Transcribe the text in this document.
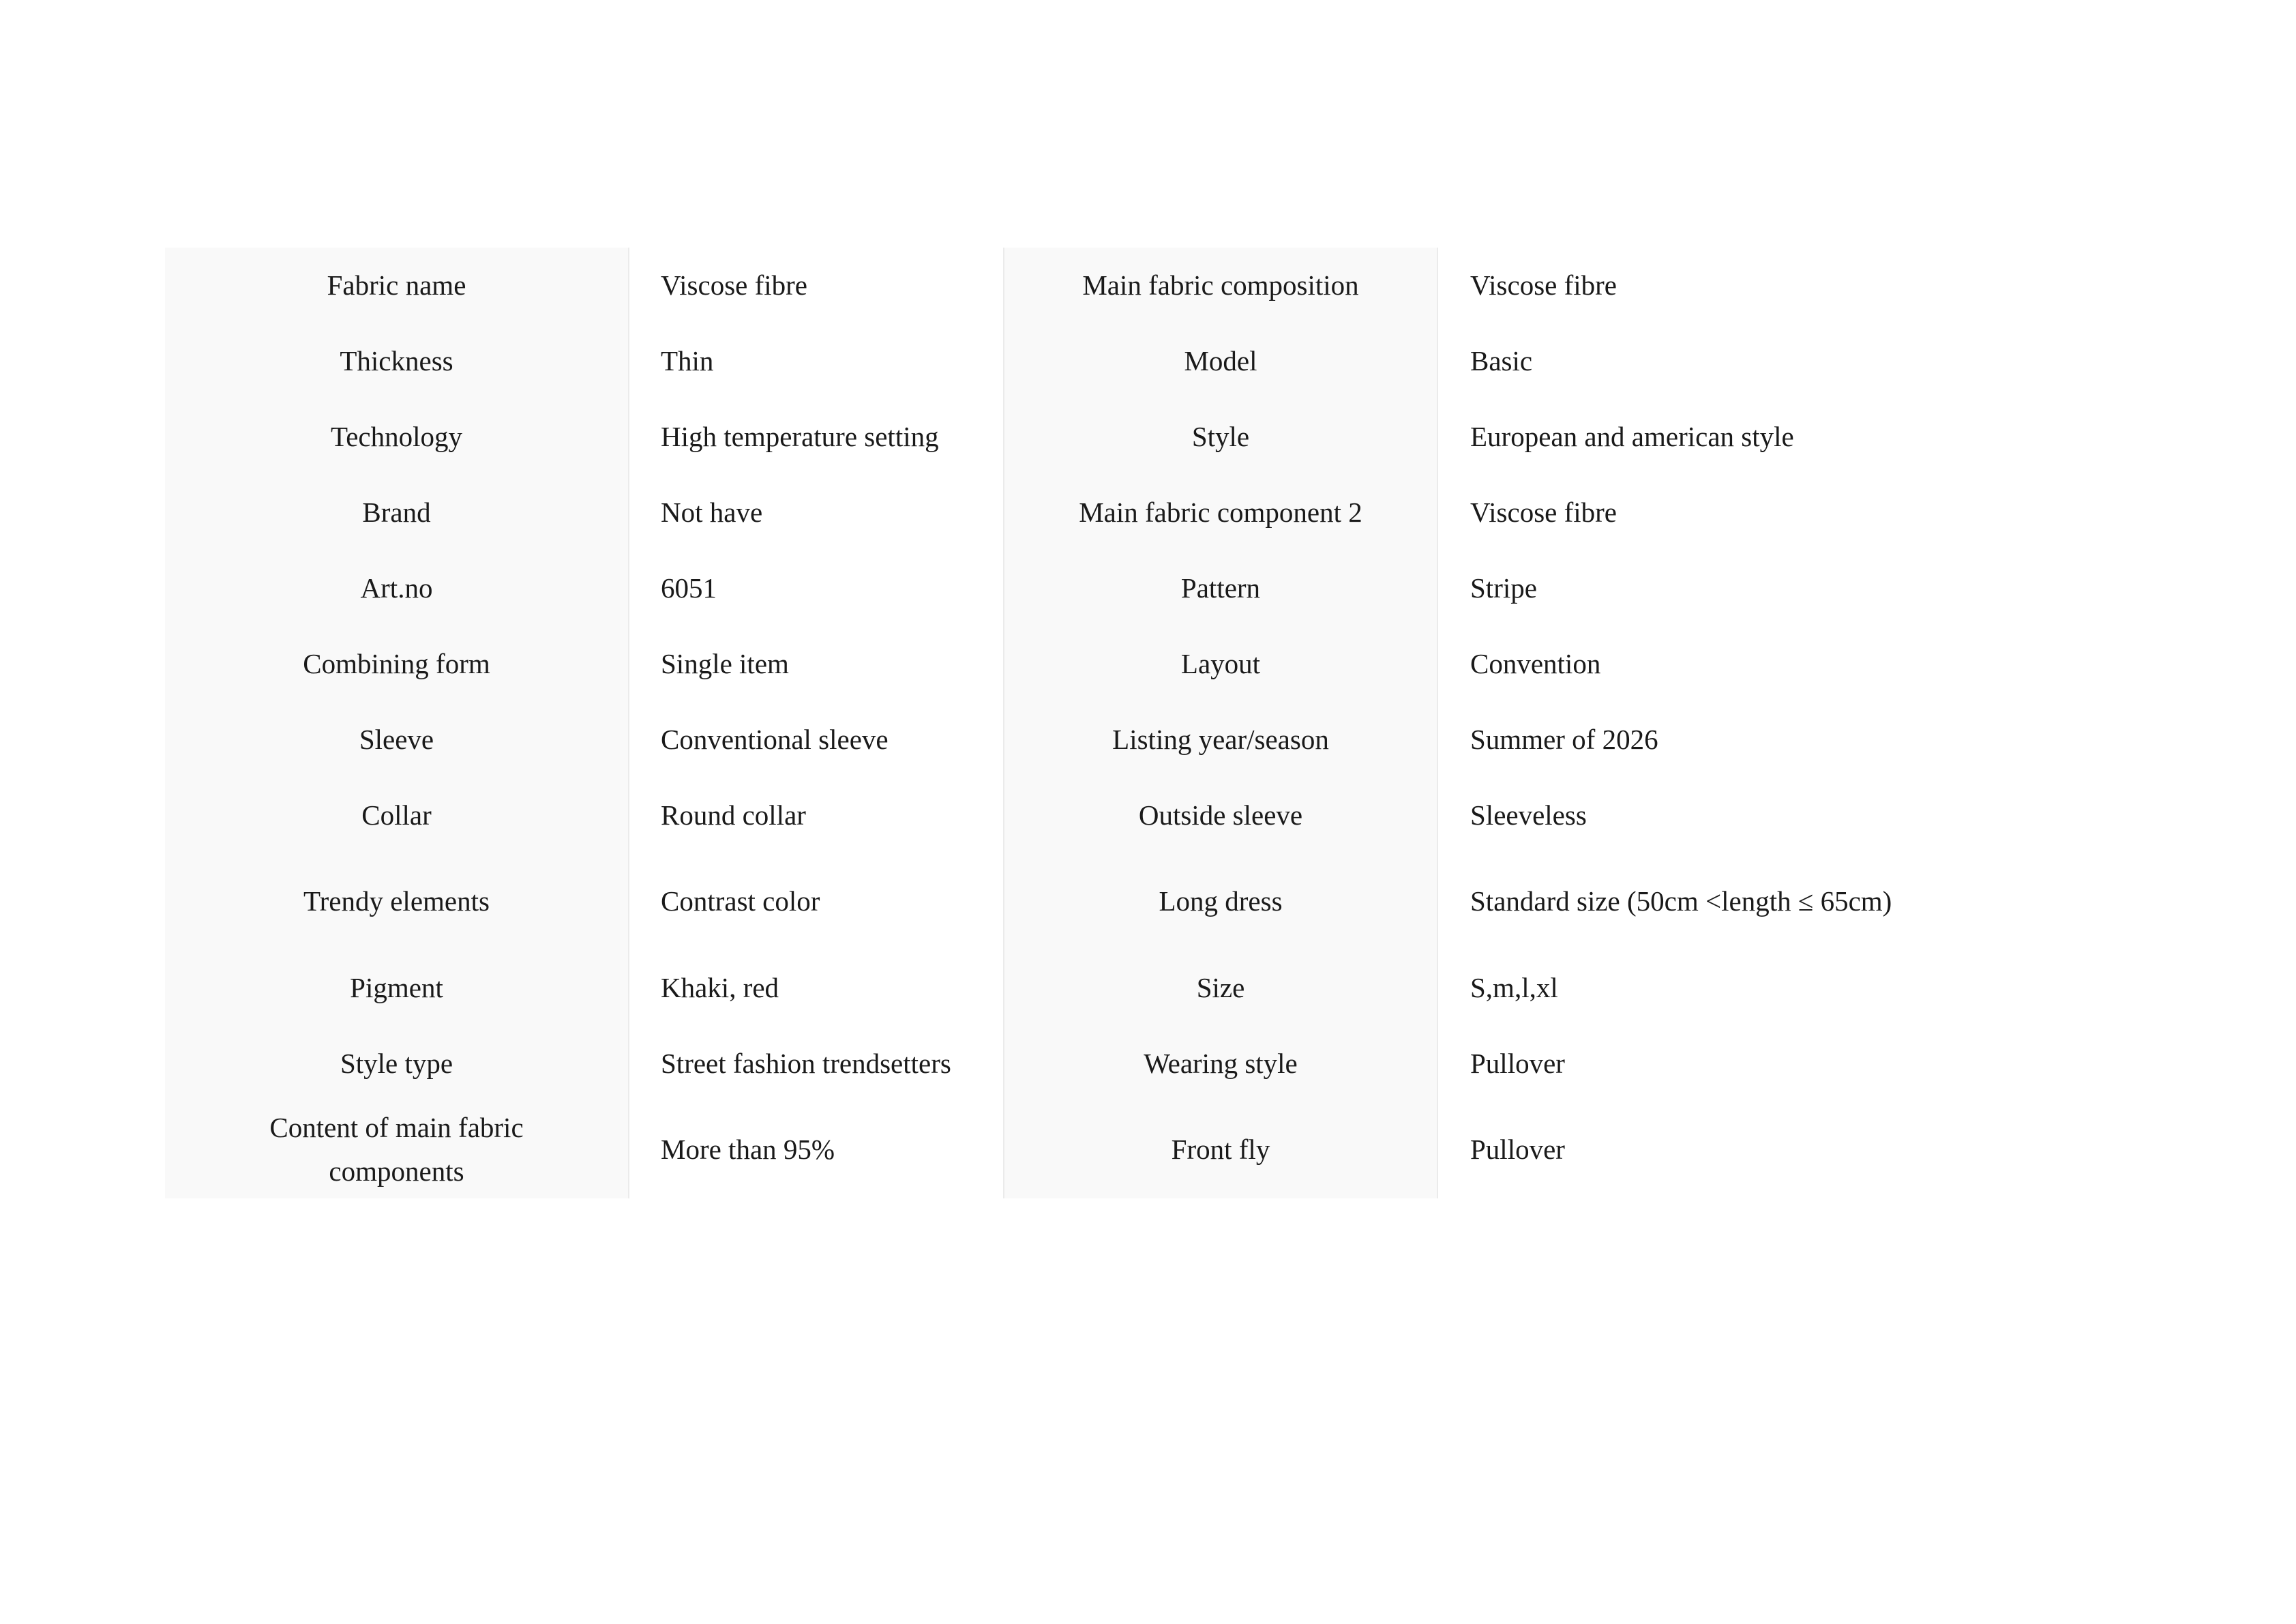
Fabric name	Viscose fibre	Main fabric composition	Viscose fibre
Thickness	Thin	Model	Basic
Technology	High temperature setting	Style	European and american style
Brand	Not have	Main fabric component 2	Viscose fibre
Art.no	6051	Pattern	Stripe
Combining form	Single item	Layout	Convention
Sleeve	Conventional sleeve	Listing year/season	Summer of 2026
Collar	Round collar	Outside sleeve	Sleeveless
Trendy elements	Contrast color	Long dress	Standard size (50cm <length ≤ 65cm)
Pigment	Khaki, red	Size	S,m,l,xl
Style type	Street fashion trendsetters	Wearing style	Pullover
Content of main fabric components	More than 95%	Front fly	Pullover
